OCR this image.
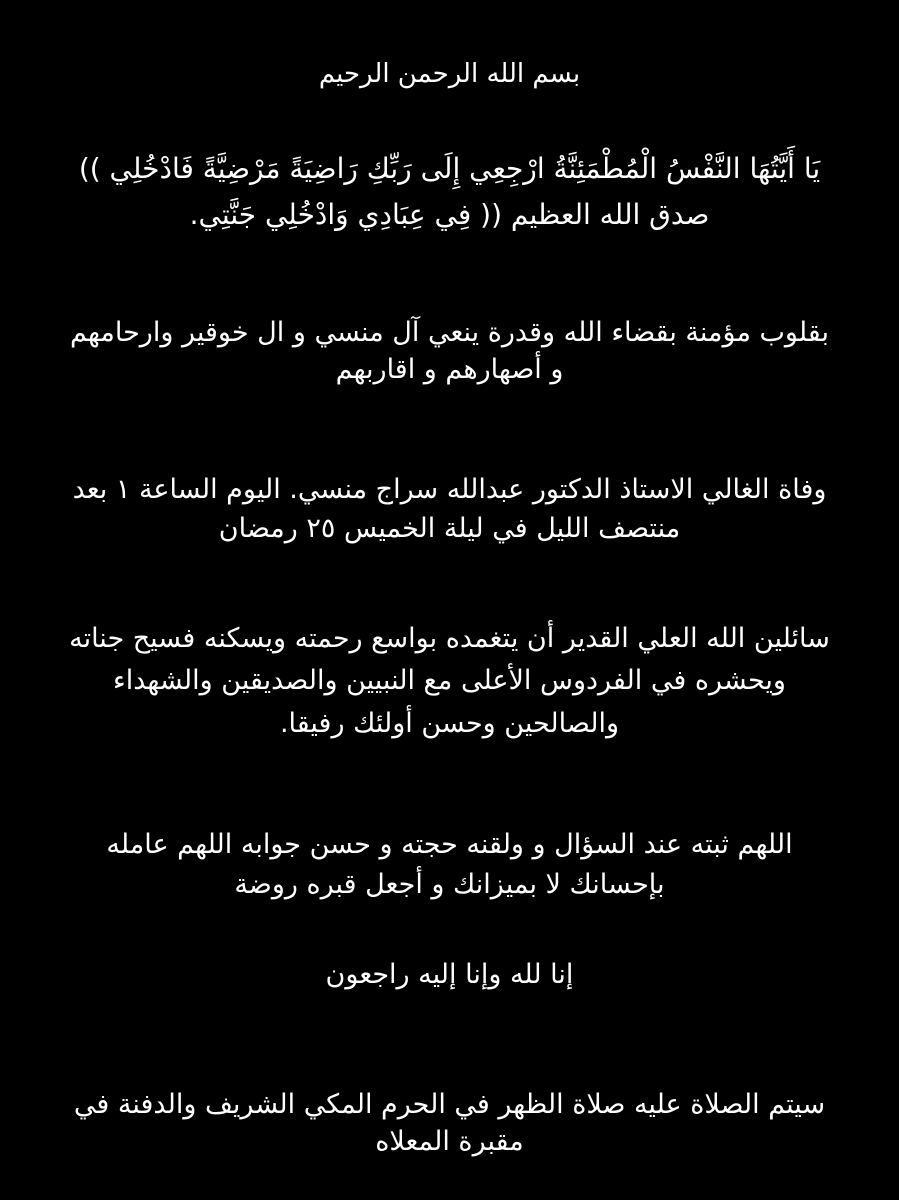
بسم الله الرحمن الرحيم
يَا أَيَّتُهَا النَّفْسُ الْمُطْمَئِنَّةُ ارْجِعِي إِلَى رَبِّكِ رَاضِيَةً مَرْضِيَّةً فَادْخُلِي ))
صدق الله العظيم (( فِي عِبَادِي وَادْخُلِي جَنَّتِي.
بقلوب مؤمنة بقضاء الله وقدرة ينعي آل منسي و ال خوقير وارحامهم
و أصهارهم و اقاربهم
وفاة الغالي الاستاذ الدكتور عبدالله سراج منسي. اليوم الساعة ١ بعد
منتصف الليل في ليلة الخميس ٢٥ رمضان
سائلين الله العلي القدير أن يتغمده بواسع رحمته ويسكنه فسيح جناته
ويحشره في الفردوس الأعلى مع النبيين والصديقين والشهداء
والصالحين وحسن أولئك رفيقا.
اللهم ثبته عند السؤال و ولقنه حجته و حسن جوابه اللهم عامله
بإحسانك لا بميزانك و أجعل قبره روضة
إنا لله وإنا إليه راجعون
سيتم الصلاة عليه صلاة الظهر في الحرم المكي الشريف والدفنة في
مقبرة المعلاه
